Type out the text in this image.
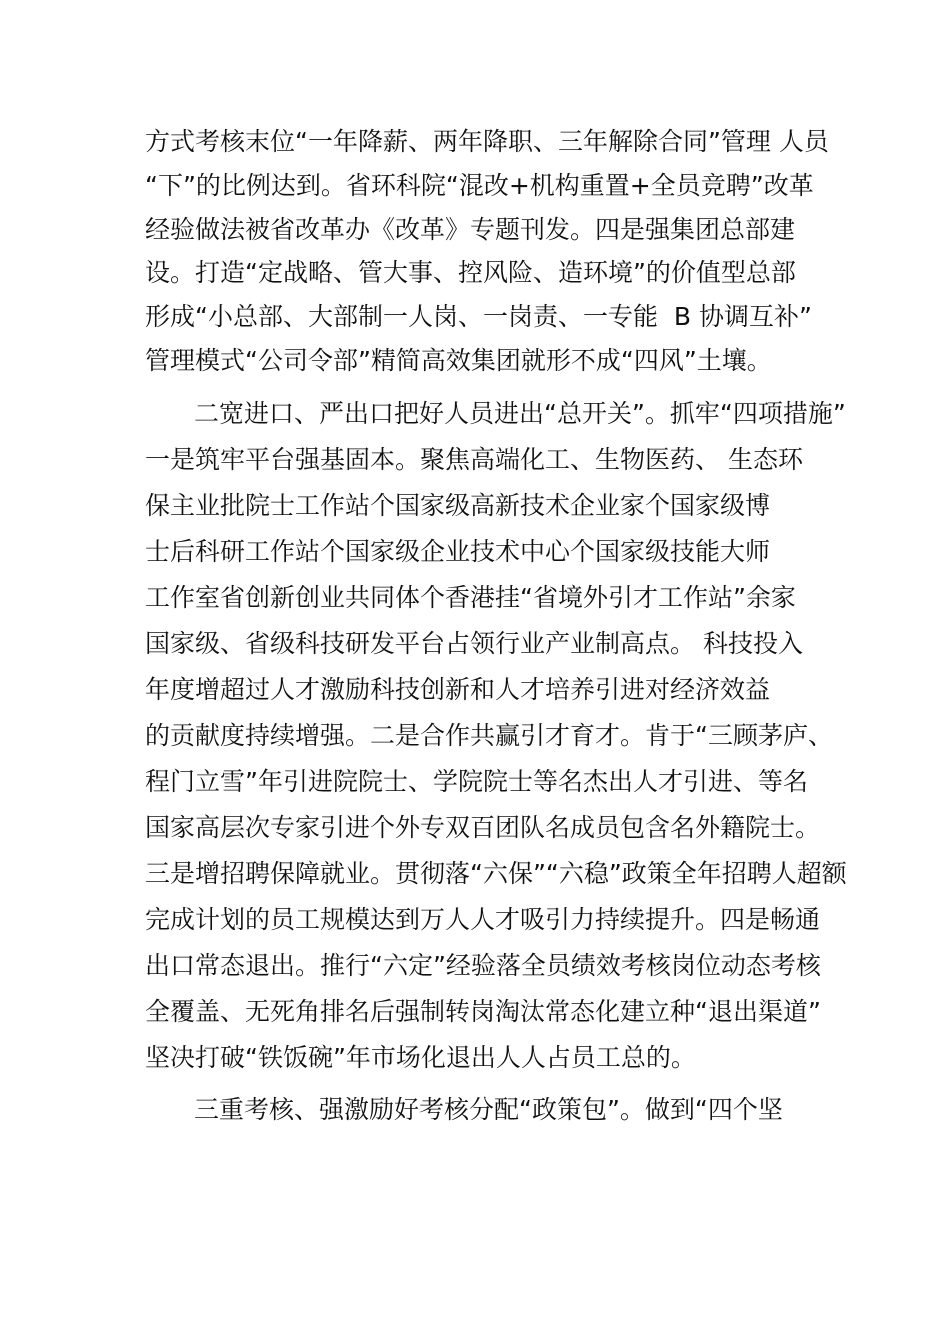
方式考核末位“一年降薪、两年降职、三年解除合同”管理 人员
“下”的比例达到。省环科院“混改+机构重置+全员竞聘”改革
经验做法被省改革办《改革》专题刊发。四是强集团总部建
设。打造“定战略、管大事、控风险、造环境”的价值型总部
形成“小总部、大部制一人岗、一岗责、一专能  B 协调互补”
管理模式“公司令部”精简高效集团就形不成“四风”土壤。
二宽进口、严出口把好人员进出“总开关”。抓牢“四项措施”
一是筑牢平台强基固本。聚焦高端化工、生物医药、 生态环
保主业批院士工作站个国家级高新技术企业家个国家级博
士后科研工作站个国家级企业技术中心个国家级技能大师
工作室省创新创业共同体个香港挂“省境外引才工作站”余家
国家级、省级科技研发平台占领行业产业制高点。 科技投入
年度增超过人才激励科技创新和人才培养引进对经济效益
的贡献度持续增强。二是合作共赢引才育才。肯于“三顾茅庐、
程门立雪”年引进院院士、学院院士等名杰出人才引进、等名
国家高层次专家引进个外专双百团队名成员包含名外籍院士。
三是增招聘保障就业。贯彻落“六保”“六稳”政策全年招聘人超额
完成计划的员工规模达到万人人才吸引力持续提升。四是畅通
出口常态退出。推行“六定”经验落全员绩效考核岗位动态考核
全覆盖、无死角排名后强制转岗淘汰常态化建立种“退出渠道”
坚决打破“铁饭碗”年市场化退出人人占员工总的。
三重考核、强激励好考核分配“政策包”。做到“四个坚
